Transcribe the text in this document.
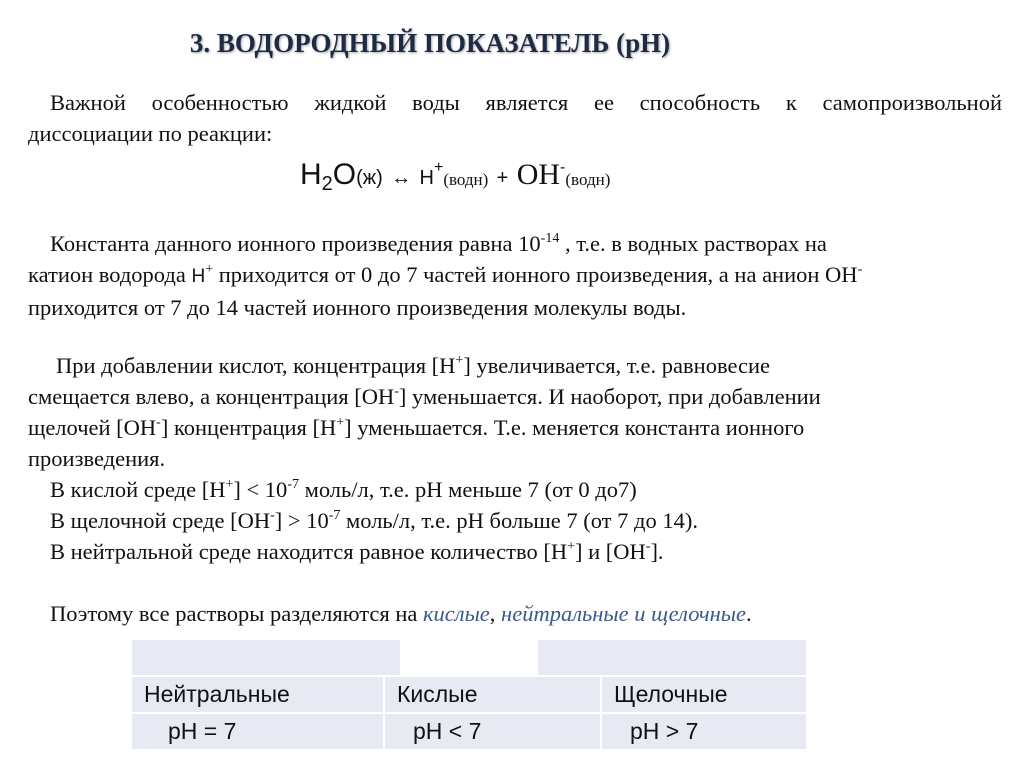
3. ВОДОРОДНЫЙ ПОКАЗАТЕЛЬ (рН)
Важной особенностью жидкой воды является ее способность к самопроизвольной
диссоциации по реакции:
$H_2O(ж)$ ↔ H+(водн) + OH-(водн)
Константа данного ионного произведения равна $10^{-14}$ , т.е. в водных растворах на
катион водорода H+ приходится от 0 до 7 частей ионного произведения, а на анион ОН-
приходится от 7 до 14 частей ионного произведения молекулы воды.
При добавлении кислот, концентрация [Н+] увеличивается, т.е. равновесие
смещается влево, а концентрация [ОН-] уменьшается. И наоборот, при добавлении
щелочей [ОН-] концентрация [Н+] уменьшается. Т.е. меняется константа ионного
произведения.
В кислой среде $[Н^+] < 10^{-7}$ моль/л, т.е. рН меньше 7 (от 0 до7)
В щелочной среде $[ОН^-] > 10^{-7}$ моль/л, т.е. рН больше 7 (от 7 до 14).
В нейтральной среде находится равное количество [Н+] и [ОН-].
Поэтому все растворы разделяются на кислые, нейтральные и щелочные.

Нейтральные	Кислые			Щелочные
pH = 7	pH < 7			pH > 7
